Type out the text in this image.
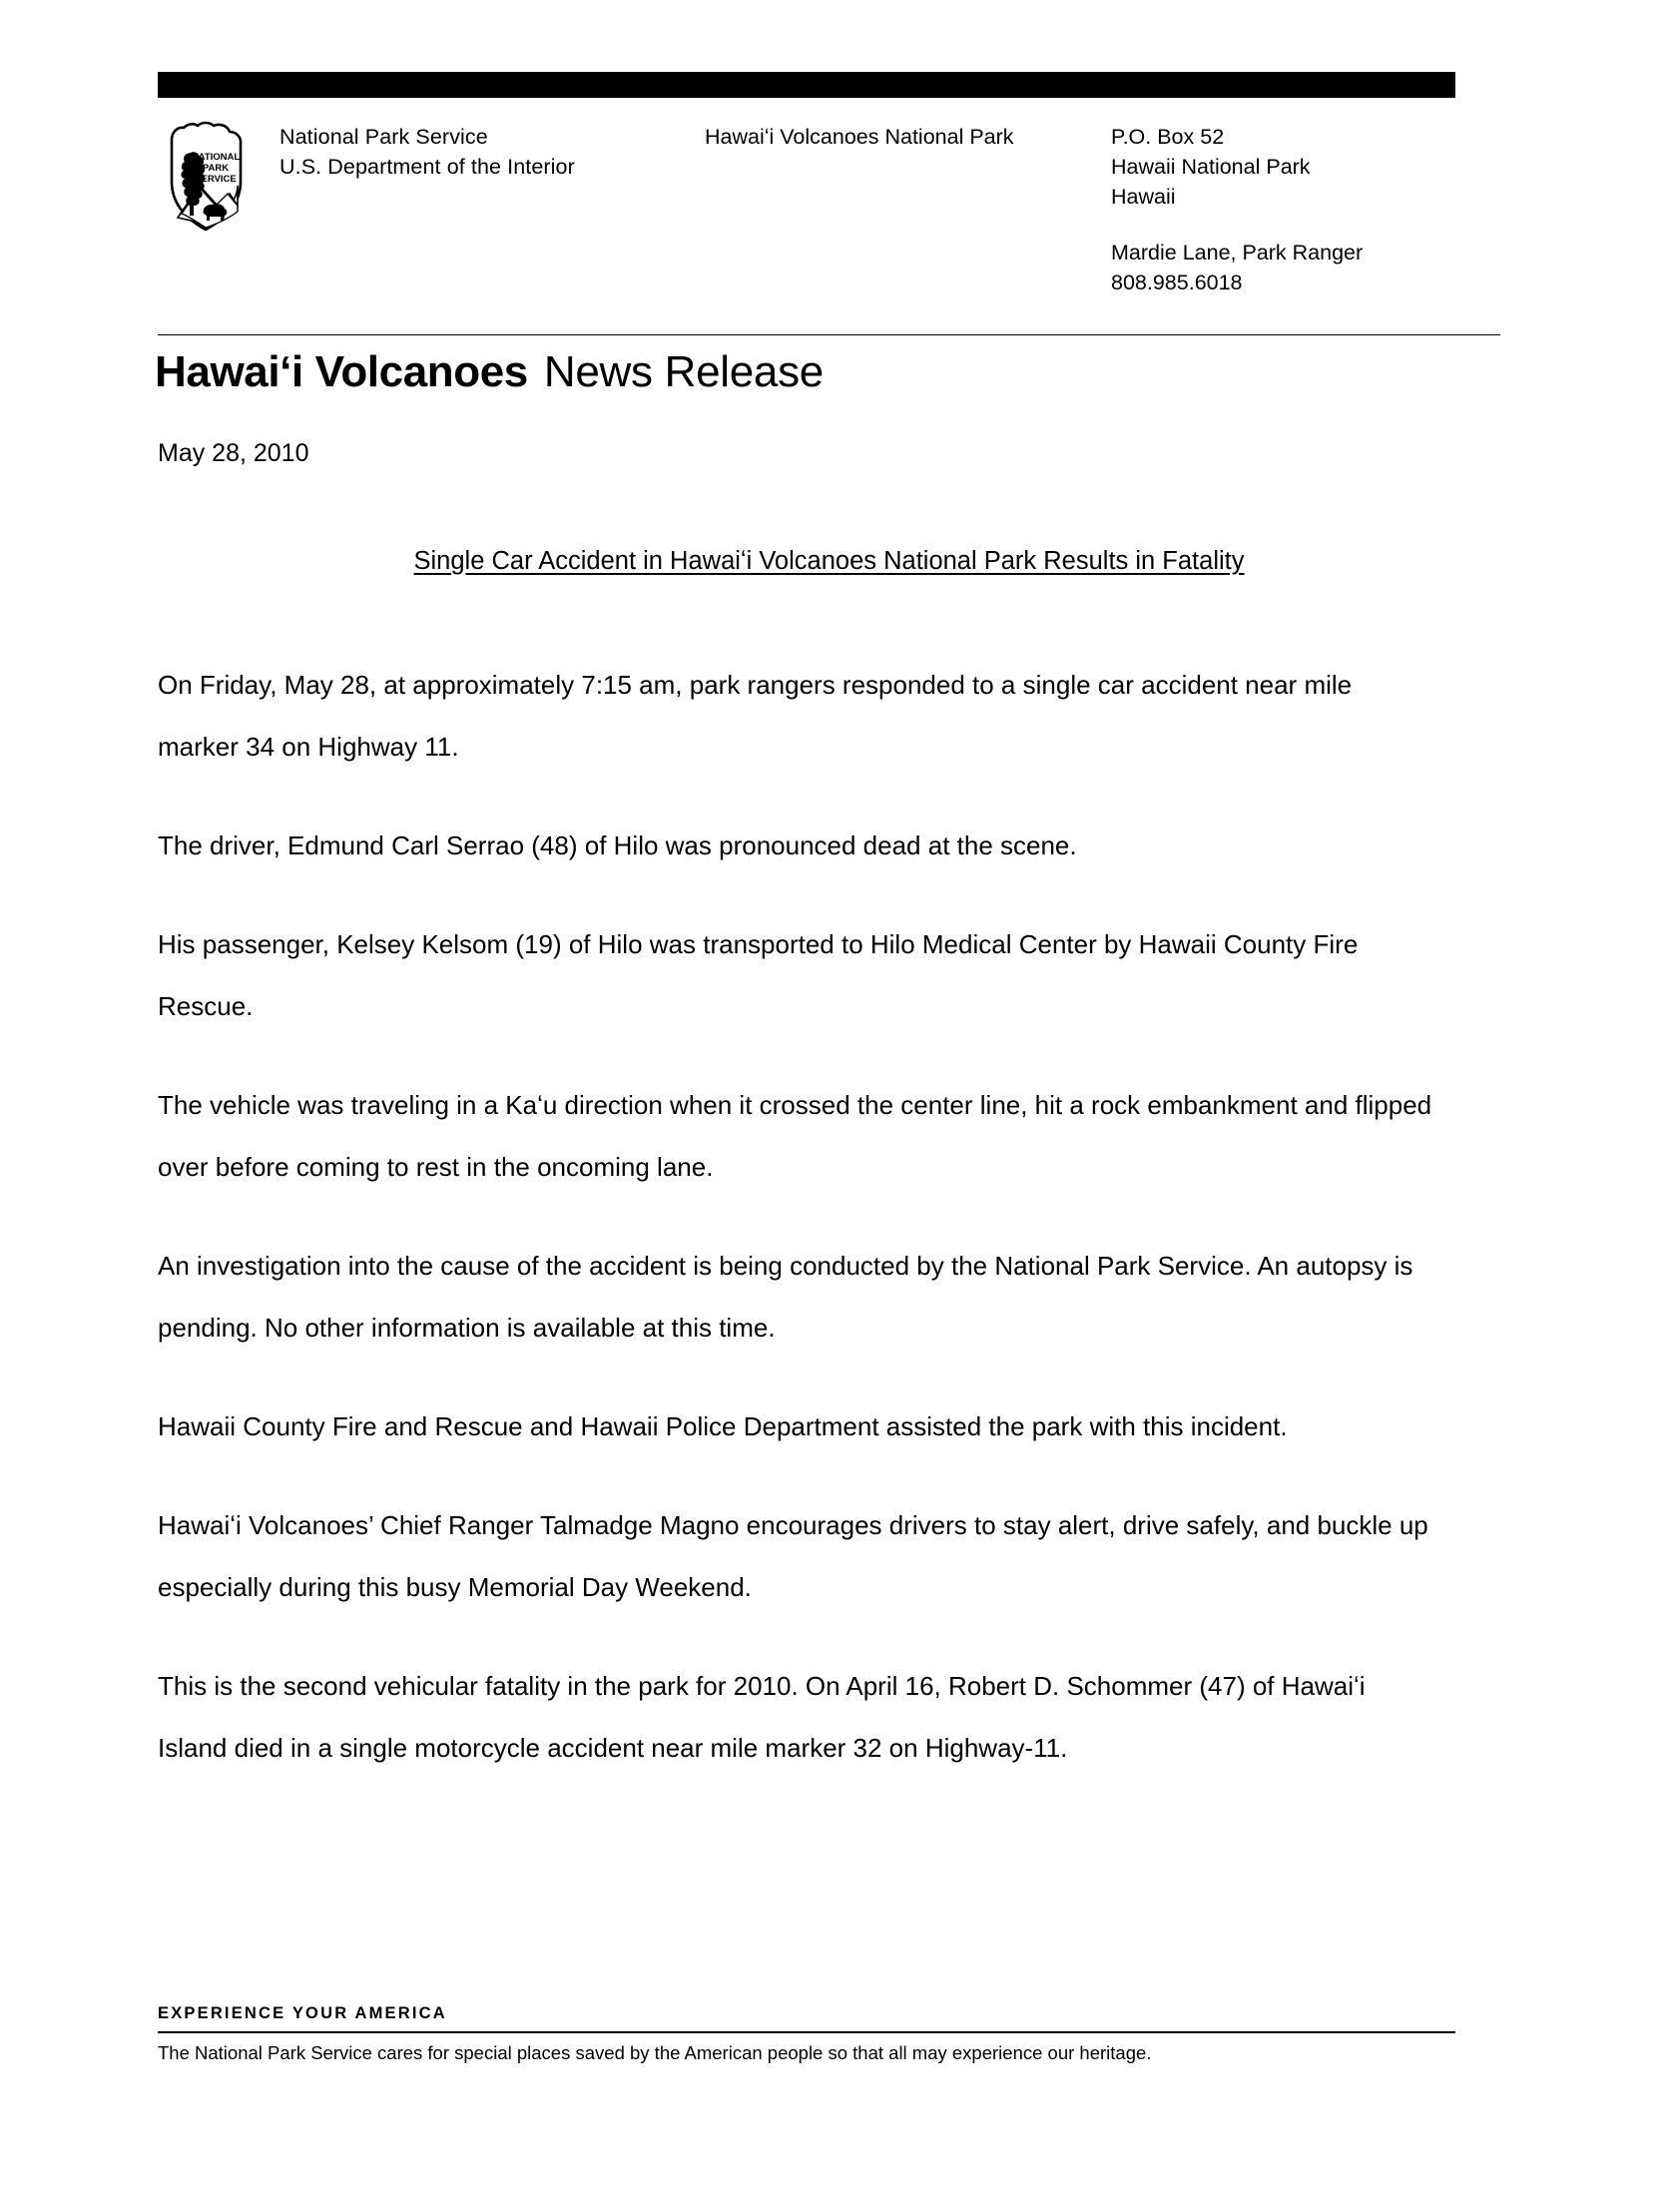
NATIONAL
PARK
SERVICE
National Park Service
U.S. Department of the Interior
Hawaiʻi Volcanoes National Park	P.O. Box 52
Hawaii National Park
Hawaii
Mardie Lane, Park Ranger
808.985.6018
Hawaiʻi Volcanoes News Release
May 28, 2010
Single Car Accident in Hawaiʻi Volcanoes National Park Results in Fatality

On Friday, May 28, at approximately 7:15 am, park rangers responded to a single car accident near mile marker 34 on Highway 11.

The driver, Edmund Carl Serrao (48) of Hilo was pronounced dead at the scene.

His passenger, Kelsey Kelsom (19) of Hilo was transported to Hilo Medical Center by Hawaii County Fire Rescue.

The vehicle was traveling in a Kaʻu direction when it crossed the center line, hit a rock embankment and flipped over before coming to rest in the oncoming lane.

An investigation into the cause of the accident is being conducted by the National Park Service. An autopsy is pending. No other information is available at this time.

Hawaii County Fire and Rescue and Hawaii Police Department assisted the park with this incident.

Hawaiʻi Volcanoes’ Chief Ranger Talmadge Magno encourages drivers to stay alert, drive safely, and buckle up especially during this busy Memorial Day Weekend.

This is the second vehicular fatality in the park for 2010. On April 16, Robert D. Schommer (47) of Hawaiʻi Island died in a single motorcycle accident near mile marker 32 on Highway-11.

EXPERIENCE YOUR AMERICA
The National Park Service cares for special places saved by the American people so that all may experience our heritage.
